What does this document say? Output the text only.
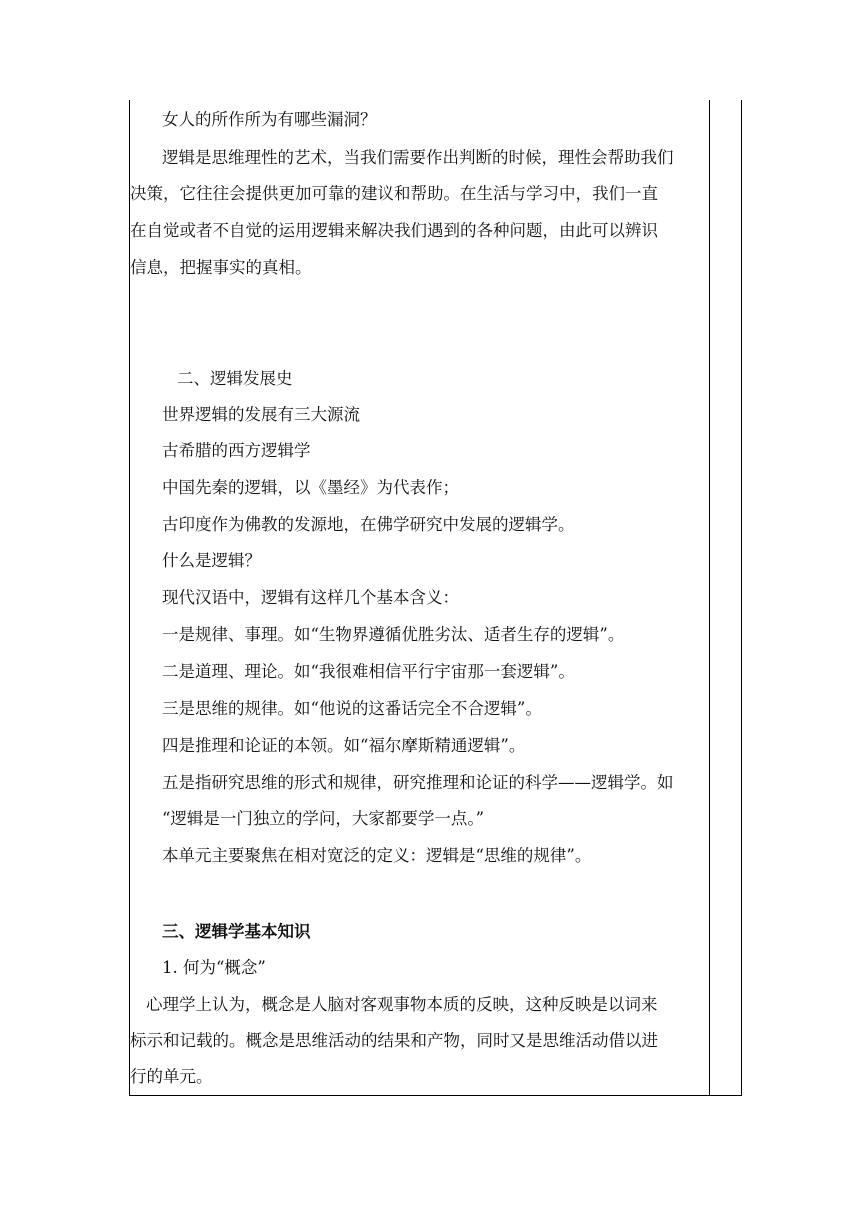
女人的所作所为有哪些漏洞？
逻辑是思维理性的艺术，当我们需要作出判断的时候，理性会帮助我们
决策，它往往会提供更加可靠的建议和帮助。在生活与学习中，我们一直
在自觉或者不自觉的运用逻辑来解决我们遇到的各种问题，由此可以辨识
信息，把握事实的真相。
二、逻辑发展史
世界逻辑的发展有三大源流
古希腊的西方逻辑学
中国先秦的逻辑，以《墨经》为代表作；
古印度作为佛教的发源地，在佛学研究中发展的逻辑学。
什么是逻辑？
现代汉语中，逻辑有这样几个基本含义：
一是规律、事理。如“生物界遵循优胜劣汰、适者生存的逻辑”。
二是道理、理论。如“我很难相信平行宇宙那一套逻辑”。
三是思维的规律。如“他说的这番话完全不合逻辑”。
四是推理和论证的本领。如“福尔摩斯精通逻辑”。
五是指研究思维的形式和规律，研究推理和论证的科学——逻辑学。如
“逻辑是一门独立的学问，大家都要学一点。”
本单元主要聚焦在相对宽泛的定义：逻辑是“思维的规律”。
三、逻辑学基本知识
1. 何为“概念”
心理学上认为，概念是人脑对客观事物本质的反映，这种反映是以词来
标示和记载的。概念是思维活动的结果和产物，同时又是思维活动借以进
行的单元。
